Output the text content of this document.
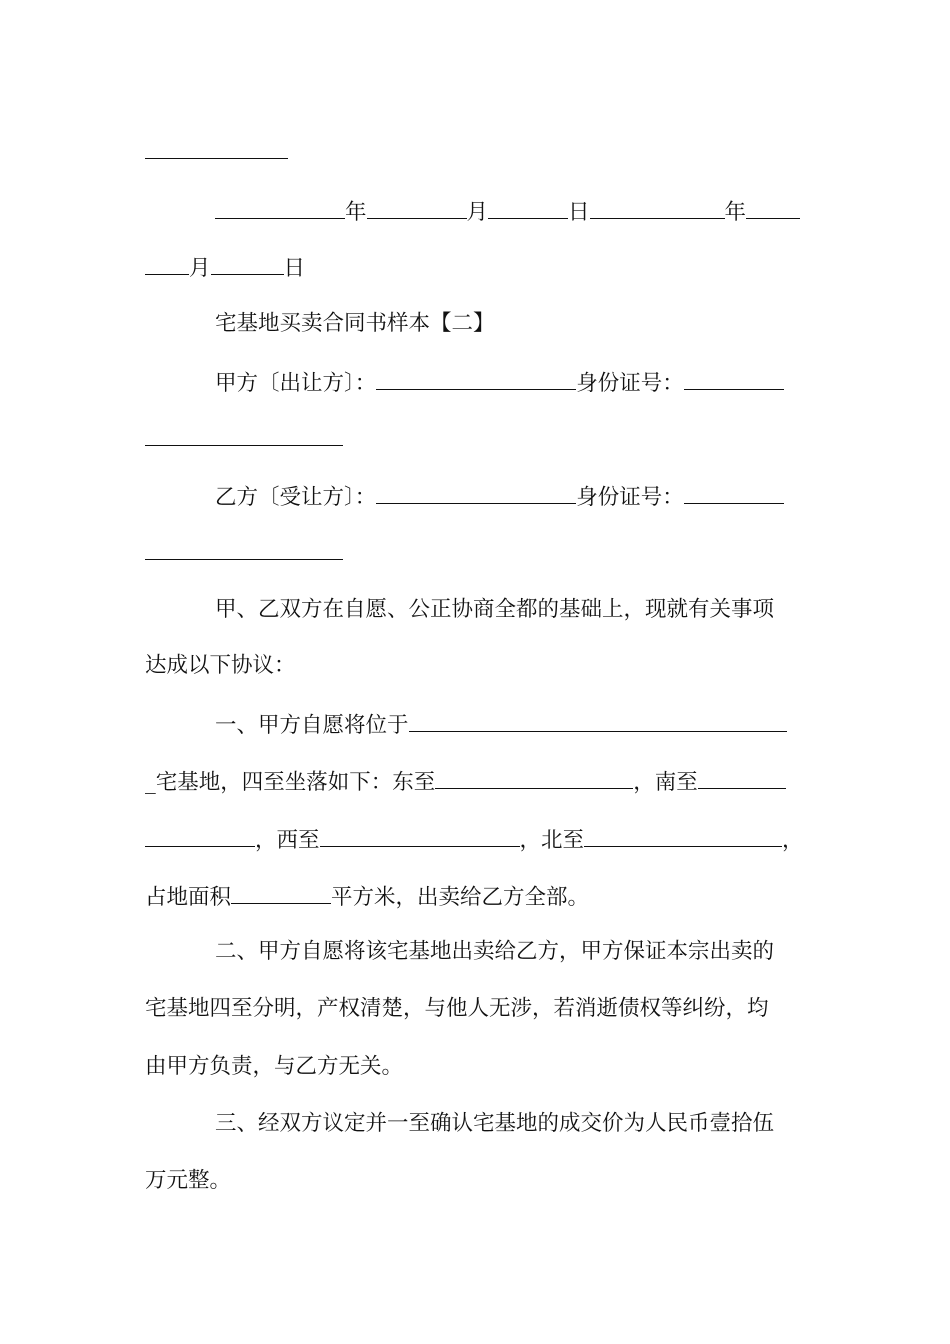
年	月	日	年
月	日
宅基地买卖合同书样本【二】
甲方〔出让方〕：	身份证号：
乙方〔受让方〕：	身份证号：
甲、乙双方在自愿、公正协商全都的基础上，现就有关事项
达成以下协议：
一、甲方自愿将位于
_宅基地，四至坐落如下：东至	，南至
，西至	，北至	，
占地面积	平方米，出卖给乙方全部。
二、甲方自愿将该宅基地出卖给乙方，甲方保证本宗出卖的
宅基地四至分明，产权清楚，与他人无涉，若消逝债权等纠纷，均
由甲方负责，与乙方无关。
三、经双方议定并一至确认宅基地的成交价为人民币壹拾伍
万元整。
